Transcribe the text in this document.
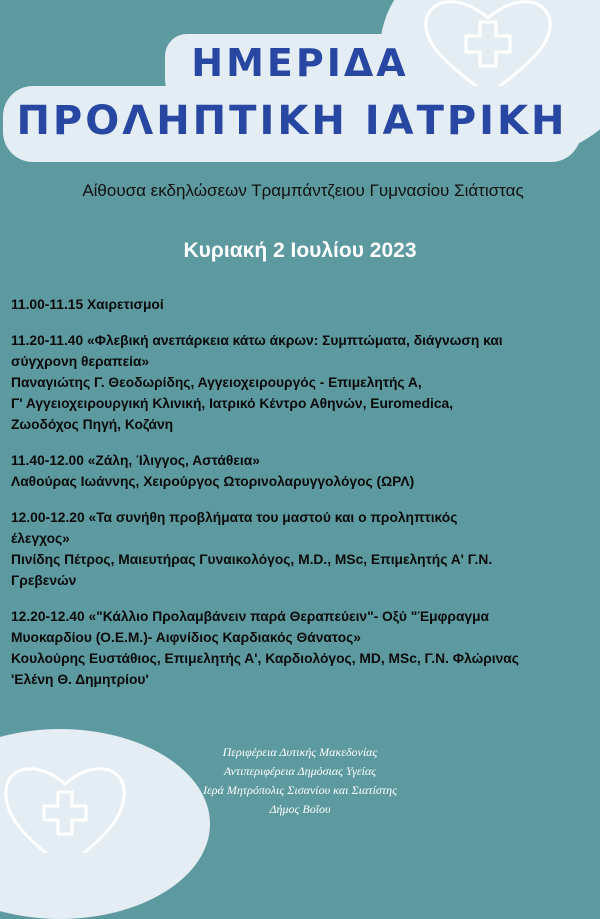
ΗΜΕΡΙΔΑ
ΠΡΟΛΗΠΤΙΚΗ ΙΑΤΡΙΚΗ
Αίθουσα εκδηλώσεων Τραμπάντζειου Γυμνασίου Σιάτιστας
Κυριακή 2 Ιουλίου 2023

11.00-11.15 Χαιρετισμοί

11.20-11.40 «Φλεβική ανεπάρκεια κάτω άκρων: Συμπτώματα, διάγνωση και

σύγχρονη θεραπεία»

Παναγιώτης Γ. Θεοδωρίδης, Αγγειοχειρουργός - Επιμελητής Α,

Γ' Αγγειοχειρουργική Κλινική, Ιατρικό Κέντρο Αθηνών, Euromedica,

Ζωοδόχος Πηγή, Κοζάνη

11.40-12.00 «Ζάλη, Ίλιγγος, Αστάθεια»

Λαθούρας Ιωάννης, Χειρούργος Ωτορινολαρυγγολόγος (ΩΡΛ)

12.00-12.20 «Τα συνήθη προβλήματα του μαστού και ο προληπτικός

έλεγχος»

Πινίδης Πέτρος, Μαιευτήρας Γυναικολόγος, M.D., MSc, Επιμελητής Α' Γ.Ν.

Γρεβενών

12.20-12.40 «"Κάλλιο Προλαμβάνειν παρά Θεραπεύειν"- Οξύ "Έμφραγμα

Μυοκαρδίου (Ο.Ε.Μ.)- Αιφνίδιος Καρδιακός Θάνατος»

Κουλούρης Ευστάθιος, Επιμελητής Α', Καρδιολόγος, MD, MSc, Γ.Ν. Φλώρινας

'Ελένη Θ. Δημητρίου'

Περιφέρεια Δυτικής Μακεδονίας
Αντιπεριφέρεια Δημόσιας Υγείας
Ιερά Μητρόπολις Σισανίου και Σιατίστης
Δήμος Βοΐου
